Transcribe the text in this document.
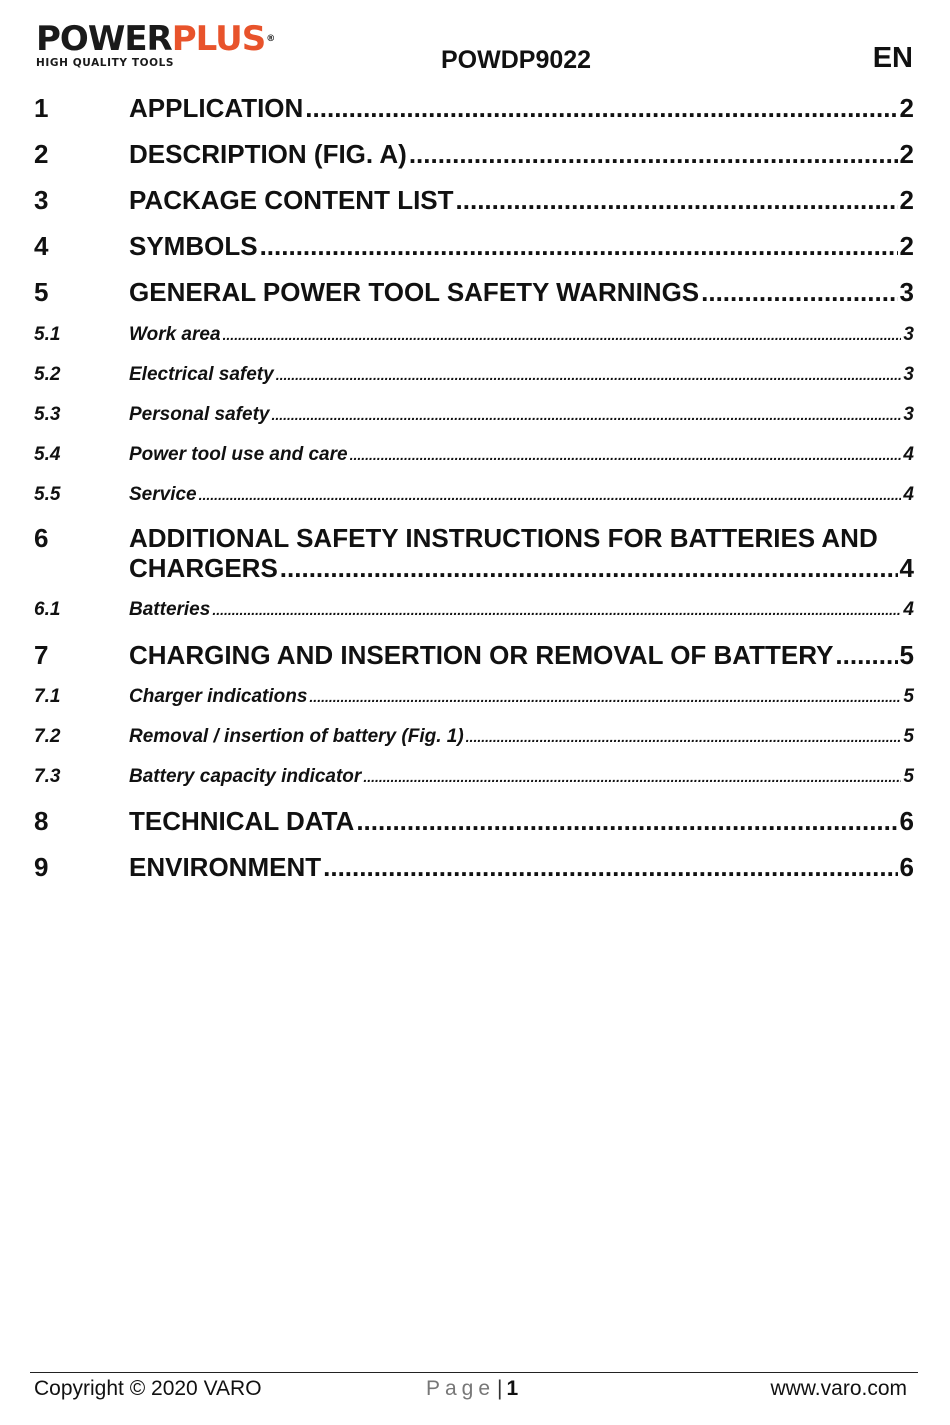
POWERPLUS®
HIGH QUALITY TOOLS	POWDP9022	EN
1	APPLICATION .....	2
2	DESCRIPTION (FIG. A) .....	2
3	PACKAGE CONTENT LIST .....	2
4	SYMBOLS .....	2
5	GENERAL POWER TOOL SAFETY WARNINGS .....	3
5.1	Work area .....	3
5.2	Electrical safety .....	3
5.3	Personal safety .....	3
5.4	Power tool use and care .....	4
5.5	Service .....	4
6	ADDITIONAL SAFETY INSTRUCTIONS FOR BATTERIES AND
CHARGERS .....	4
6.1	Batteries .....	4
7	CHARGING AND INSERTION OR REMOVAL OF BATTERY .....	5
7.1	Charger indications .....	5
7.2	Removal / insertion of battery (Fig. 1) .....	5
7.3	Battery capacity indicator .....	5
8	TECHNICAL DATA .....	6
9	ENVIRONMENT .....	6
Copyright © 2020 VARO	Page| 1	www.varo.com
